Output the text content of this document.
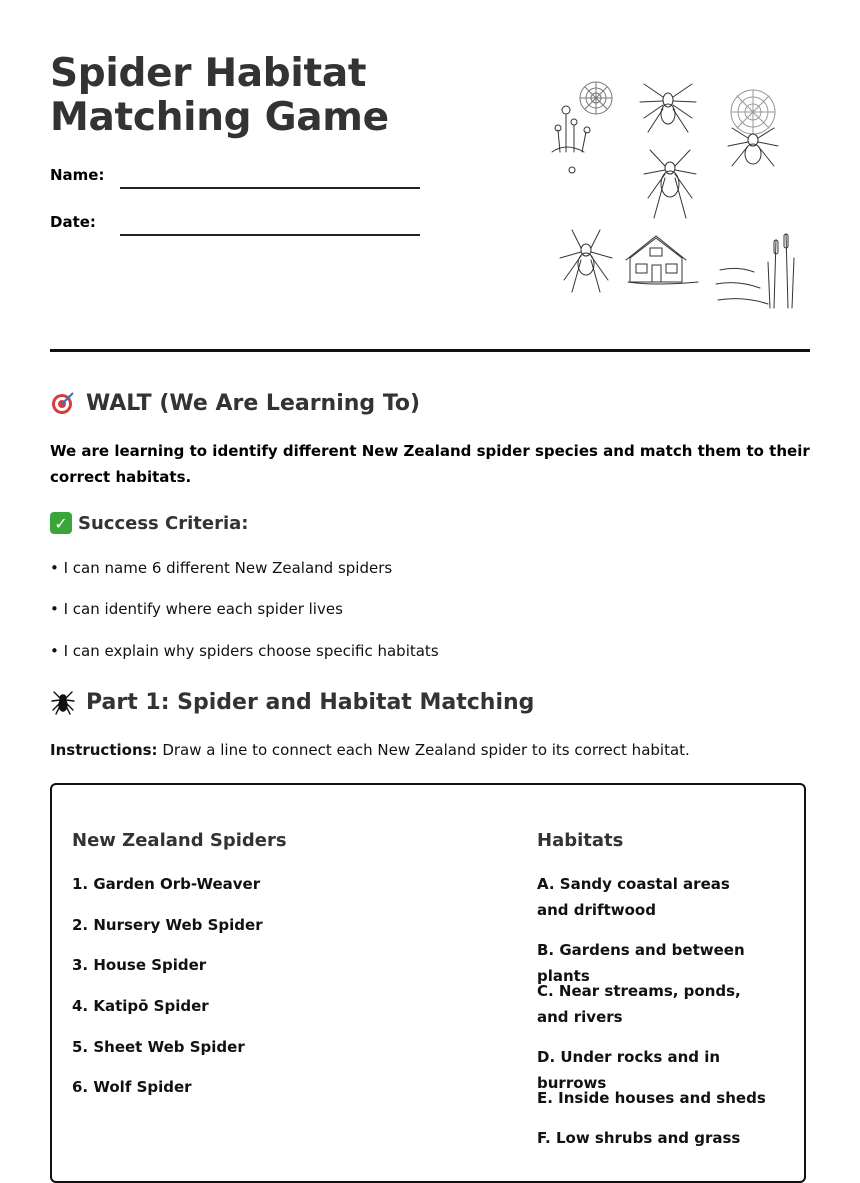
Spider Habitat
Matching Game
Name:
Date:
WALT (We Are Learning To)

We are learning to identify different New Zealand spider species and match them to their correct habitats.

✓ Success Criteria:
• I can name 6 different New Zealand spiders
• I can identify where each spider lives
• I can explain why spiders choose specific habitats
Part 1: Spider and Habitat Matching
Instructions: Draw a line to connect each New Zealand spider to its correct habitat.
New Zealand Spiders
1. Garden Orb-Weaver
2. Nursery Web Spider
3. House Spider
4. Katipō Spider
5. Sheet Web Spider
6. Wolf Spider
Habitats
A. Sandy coastal areas and driftwood
B. Gardens and between plants
C. Near streams, ponds, and rivers
D. Under rocks and in burrows
E. Inside houses and sheds
F. Low shrubs and grass
